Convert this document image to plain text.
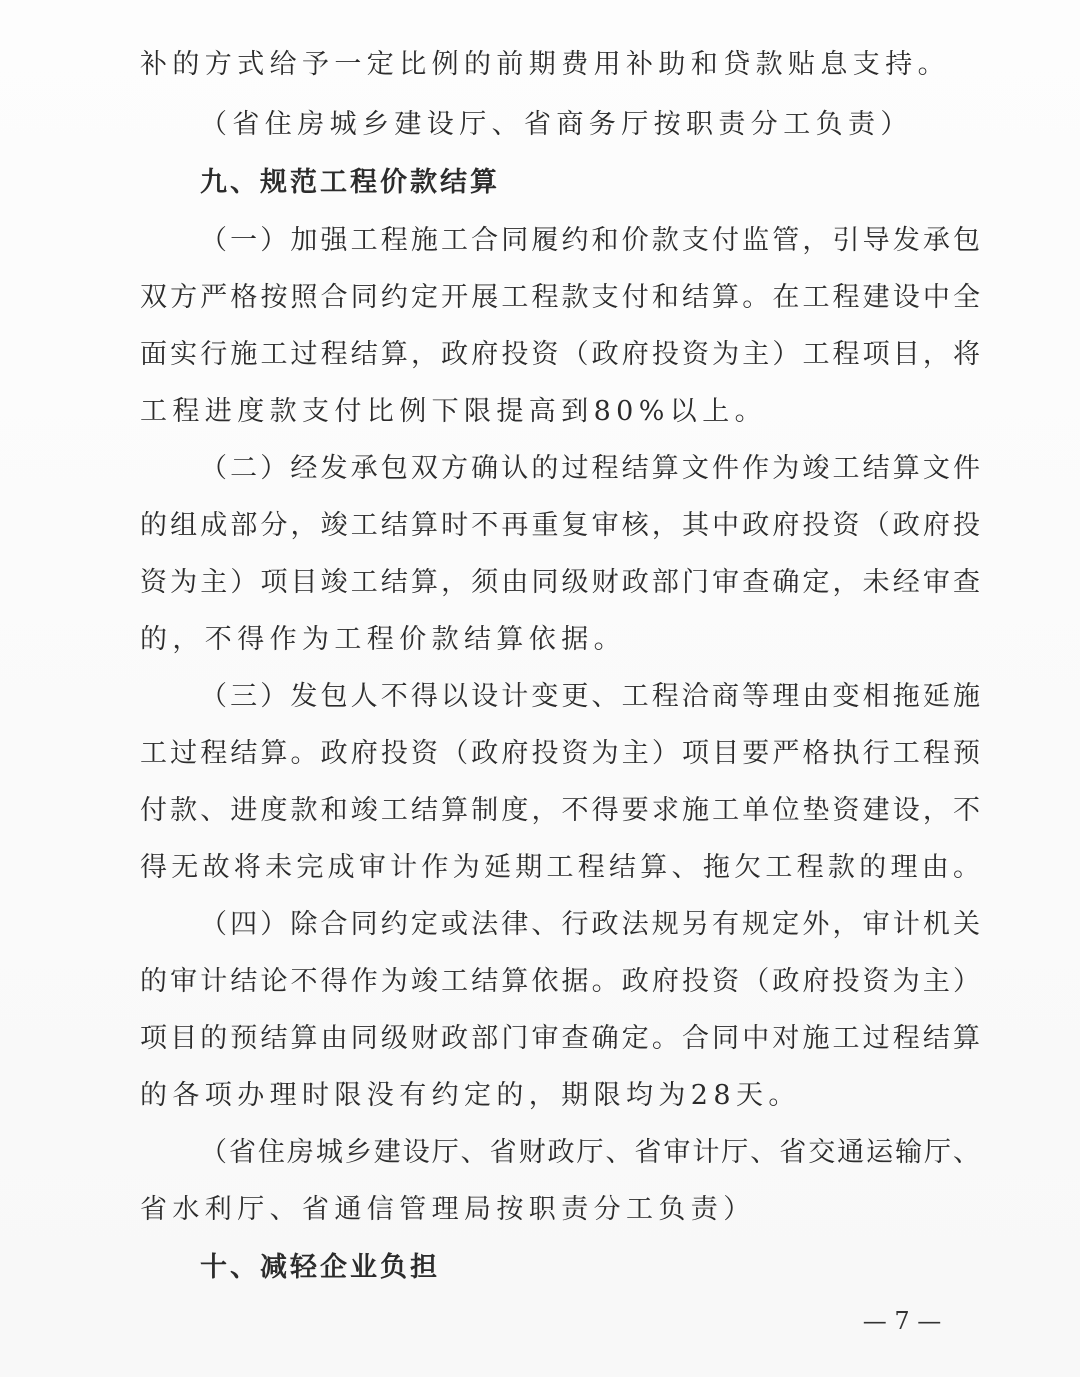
补的方式给予一定比例的前期费用补助和贷款贴息支持。
（省住房城乡建设厅、省商务厅按职责分工负责）
九、规范工程价款结算
（一）加强工程施工合同履约和价款支付监管，引导发承包
双方严格按照合同约定开展工程款支付和结算。在工程建设中全
面实行施工过程结算，政府投资（政府投资为主）工程项目，将
工程进度款支付比例下限提高到80%以上。
（二）经发承包双方确认的过程结算文件作为竣工结算文件
的组成部分，竣工结算时不再重复审核，其中政府投资（政府投
资为主）项目竣工结算，须由同级财政部门审查确定，未经审查
的，不得作为工程价款结算依据。
（三）发包人不得以设计变更、工程洽商等理由变相拖延施
工过程结算。政府投资（政府投资为主）项目要严格执行工程预
付款、进度款和竣工结算制度，不得要求施工单位垫资建设，不
得无故将未完成审计作为延期工程结算、拖欠工程款的理由。
（四）除合同约定或法律、行政法规另有规定外，审计机关
的审计结论不得作为竣工结算依据。政府投资（政府投资为主）
项目的预结算由同级财政部门审查确定。合同中对施工过程结算
的各项办理时限没有约定的，期限均为28天。
（省住房城乡建设厅、省财政厅、省审计厅、省交通运输厅、
省水利厅、省通信管理局按职责分工负责）
十、减轻企业负担
— 7 —
